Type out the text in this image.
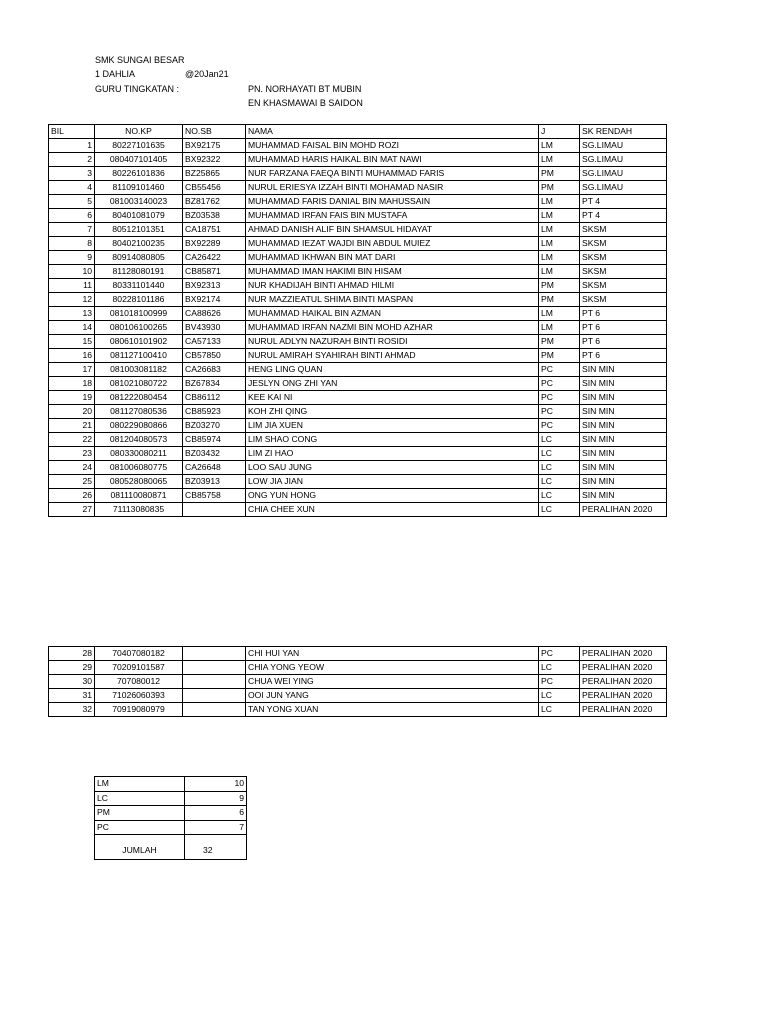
SMK SUNGAI BESAR
1 DAHLIA	@20Jan21
GURU TINGKATAN :	PN. NORHAYATI BT MUBIN
EN KHASMAWAI B SAIDON
BIL	NO.KP	NO.SB	NAMA	J	SK RENDAH
1	80227101635	BX92175	MUHAMMAD FAISAL BIN MOHD ROZI	LM	SG.LIMAU
2	080407101405	BX92322	MUHAMMAD HARIS HAIKAL BIN MAT NAWI	LM	SG.LIMAU
3	80226101836	BZ25865	NUR FARZANA FAEQA BINTI MUHAMMAD FARIS	PM	SG.LIMAU
4	81109101460	CB55456	NURUL ERIESYA IZZAH BINTI MOHAMAD NASIR	PM	SG.LIMAU
5	081003140023	BZ81762	MUHAMMAD FARIS DANIAL BIN MAHUSSAIN	LM	PT 4
6	80401081079	BZ03538	MUHAMMAD IRFAN FAIS BIN MUSTAFA	LM	PT 4
7	80512101351	CA18751	AHMAD DANISH ALIF BIN SHAMSUL HIDAYAT	LM	SKSM
8	80402100235	BX92289	MUHAMMAD IEZAT WAJDI BIN ABDUL MUIEZ	LM	SKSM
9	80914080805	CA26422	MUHAMMAD IKHWAN BIN MAT DARI	LM	SKSM
10	81128080191	CB85871	MUHAMMAD IMAN HAKIMI BIN HISAM	LM	SKSM
11	80331101440	BX92313	NUR KHADIJAH BINTI AHMAD HILMI	PM	SKSM
12	80228101186	BX92174	NUR MAZZIEATUL SHIMA BINTI MASPAN	PM	SKSM
13	081018100999	CA88626	MUHAMMAD HAIKAL BIN AZMAN	LM	PT 6
14	080106100265	BV43930	MUHAMMAD IRFAN NAZMI BIN MOHD AZHAR	LM	PT 6
15	080610101902	CA57133	NURUL ADLYN NAZURAH BINTI ROSIDI	PM	PT 6
16	081127100410	CB57850	NURUL AMIRAH SYAHIRAH BINTI AHMAD	PM	PT 6
17	081003081182	CA26683	HENG LING QUAN	PC	SIN MIN
18	081021080722	BZ67834	JESLYN ONG ZHI YAN	PC	SIN MIN
19	081222080454	CB86112	KEE KAI NI	PC	SIN MIN
20	081127080536	CB85923	KOH ZHI QING	PC	SIN MIN
21	080229080866	BZ03270	LIM JIA XUEN	PC	SIN MIN
22	081204080573	CB85974	LIM SHAO CONG	LC	SIN MIN
23	080330080211	BZ03432	LIM ZI HAO	LC	SIN MIN
24	081006080775	CA26648	LOO SAU JUNG	LC	SIN MIN
25	080528080065	BZ03913	LOW JIA JIAN	LC	SIN MIN
26	081110080871	CB85758	ONG YUN HONG	LC	SIN MIN
27	71113080835		CHIA CHEE XUN	LC	PERALIHAN 2020
28	70407080182		CHI HUI YAN	PC	PERALIHAN 2020
29	70209101587		CHIA YONG YEOW	LC	PERALIHAN 2020
30	707080012		CHUA WEI YING	PC	PERALIHAN 2020
31	71026060393		OOI JUN YANG	LC	PERALIHAN 2020
32	70919080979		TAN YONG XUAN	LC	PERALIHAN 2020
LM	10
LC	9
PM	6
PC	7
JUMLAH	32
